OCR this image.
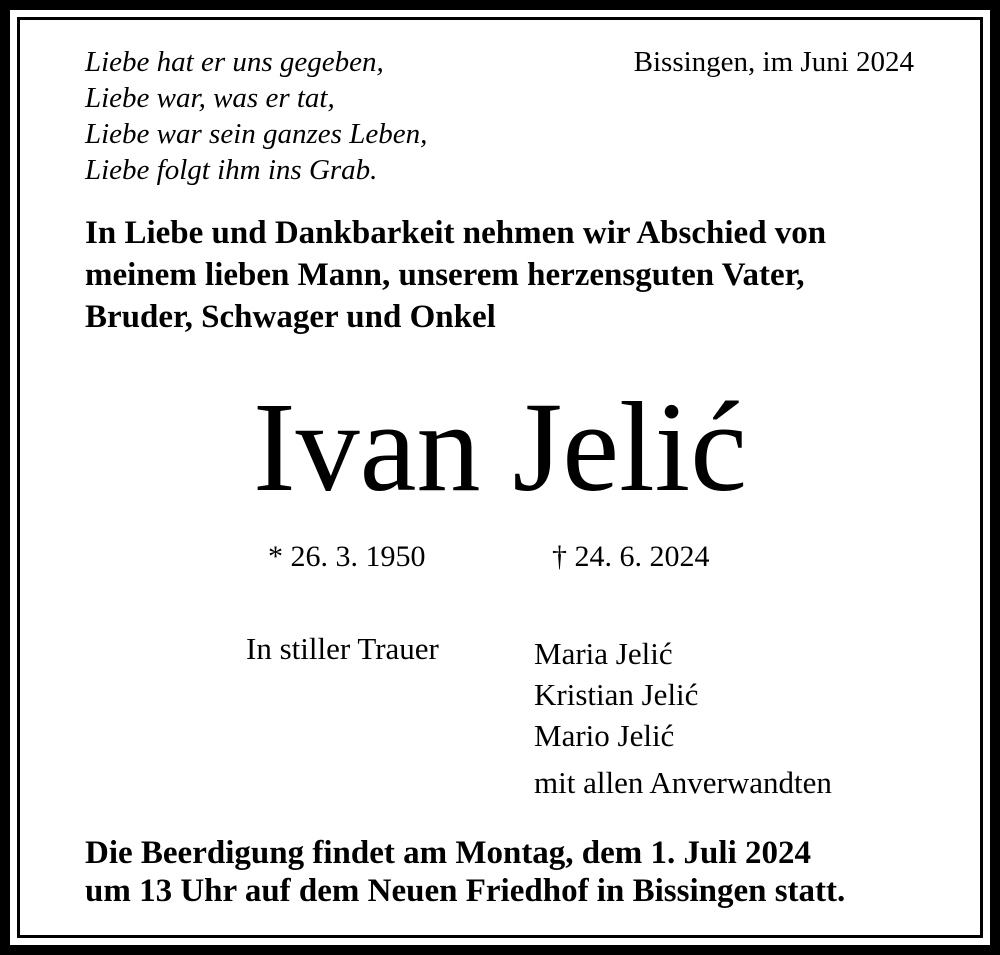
Liebe hat er uns gegeben,
Liebe war, was er tat,
Liebe war sein ganzes Leben,
Liebe folgt ihm ins Grab.
Bissingen, im Juni 2024
In Liebe und Dankbarkeit nehmen wir Abschied von
meinem lieben Mann, unserem herzensguten Vater,
Bruder, Schwager und Onkel
Ivan Jelić
* 26. 3. 1950	† 24. 6. 2024
In stiller Trauer	Maria Jelić
Kristian Jelić
Mario Jelić
mit allen Anverwandten
Die Beerdigung findet am Montag, dem 1. Juli 2024
um 13 Uhr auf dem Neuen Friedhof in Bissingen statt.
